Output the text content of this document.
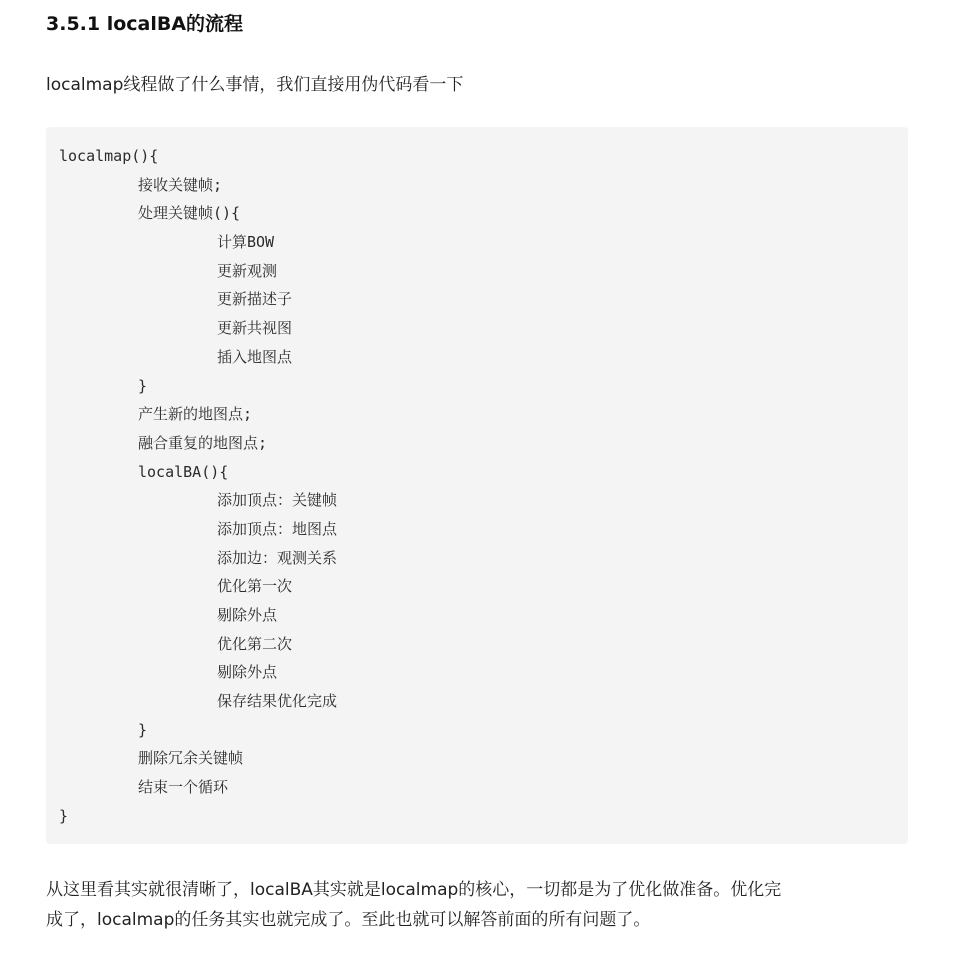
3.5.1 localBA的流程

localmap线程做了什么事情，我们直接用伪代码看一下

localmap(){
接收关键帧;
处理关键帧(){
计算BOW
更新观测
更新描述子
更新共视图
插入地图点
}
产生新的地图点;
融合重复的地图点;
localBA(){
添加顶点：关键帧
添加顶点：地图点
添加边：观测关系
优化第一次
剔除外点
优化第二次
剔除外点
保存结果优化完成
}
删除冗余关键帧
结束一个循环
}

从这里看其实就很清晰了，localBA其实就是localmap的核心，一切都是为了优化做准备。优化完
成了，localmap的任务其实也就完成了。至此也就可以解答前面的所有问题了。
